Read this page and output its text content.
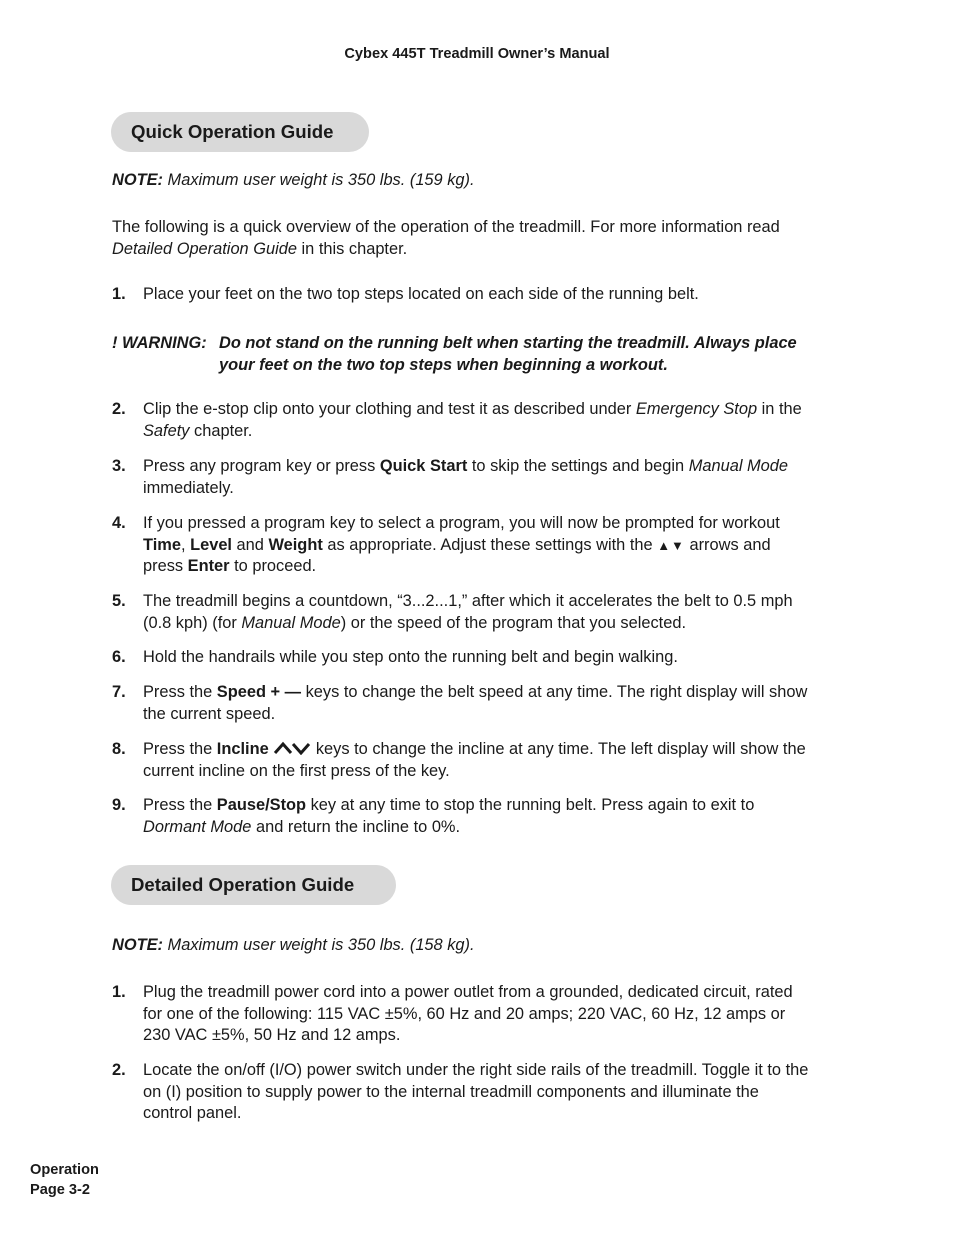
Cybex 445T Treadmill Owner’s Manual
Quick Operation Guide

NOTE: Maximum user weight is 350 lbs. (159 kg).

The following is a quick overview of the operation of the treadmill. For more information read Detailed Operation Guide in this chapter.

1.	Place your feet on the two top steps located on each side of the running belt.
! WARNING: Do not stand on the running belt when starting the treadmill. Always place your feet on the two top steps when beginning a workout.
2.	Clip the e-stop clip onto your clothing and test it as described under Emergency Stop in the Safety chapter.
3.	Press any program key or press Quick Start to skip the settings and begin Manual Mode immediately.
4.	If you pressed a program key to select a program, you will now be prompted for workout Time, Level and Weight as appropriate. Adjust these settings with the ▲▼ arrows and press Enter to proceed.
5.	The treadmill begins a countdown, “3...2...1,” after which it accelerates the belt to 0.5 mph (0.8 kph) (for Manual Mode) or the speed of the program that you selected.
6.	Hold the handrails while you step onto the running belt and begin walking.
7.	Press the Speed + — keys to change the belt speed at any time. The right display will show the current speed.
8.	Press the Incline	keys to change the incline at any time. The left display will show the current incline on the first press of the key.
9.	Press the Pause/Stop key at any time to stop the running belt. Press again to exit to Dormant Mode and return the incline to 0%.
Detailed Operation Guide

NOTE: Maximum user weight is 350 lbs. (158 kg).

1.	Plug the treadmill power cord into a power outlet from a grounded, dedicated circuit, rated for one of the following: 115 VAC ±5%, 60 Hz and 20 amps; 220 VAC, 60 Hz, 12 amps or 230 VAC ±5%, 50 Hz and 12 amps.
2.	Locate the on/off (I/O) power switch under the right side rails of the treadmill. Toggle it to the on (I) position to supply power to the internal treadmill components and illuminate the control panel.
Operation
Page 3-2
